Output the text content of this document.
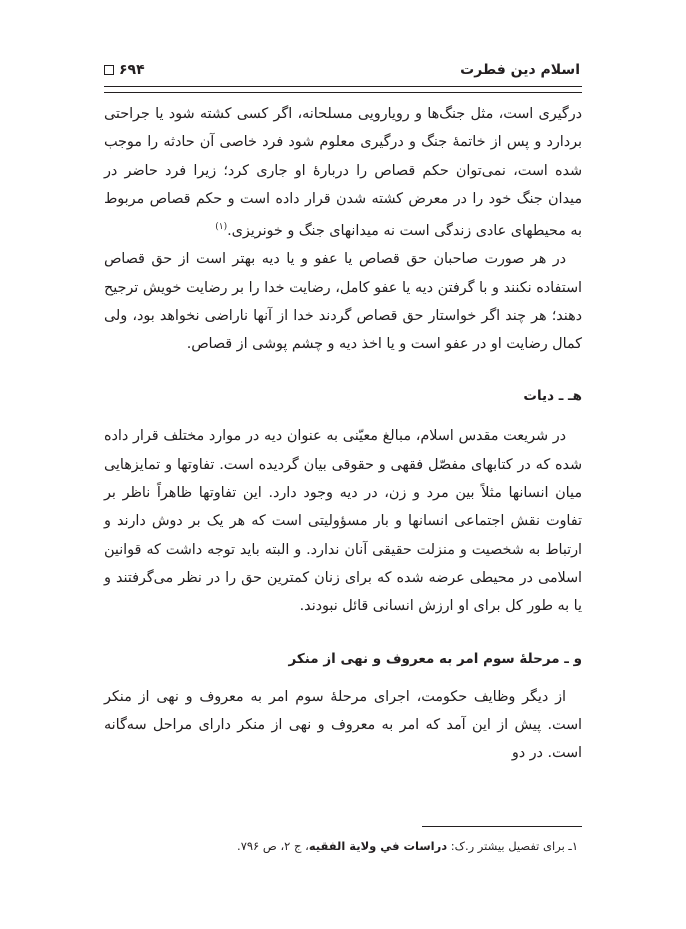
اسلام دین فطرت
۶۹۴

درگیری است، مثل جنگ‌ها و رویارویی مسلحانه، اگر کسی کشته شود یا جراحتی بردارد و پس از خاتمهٔ جنگ و درگیری معلوم شود فرد خاصی آن حادثه را موجب شده است، نمی‌توان حکم قصاص را دربارهٔ او جاری کرد؛ زیرا فرد حاضر در میدان جنگ خود را در معرض کشته شدن قرار داده است و حکم قصاص مربوط به محیطهای عادی زندگی است نه میدانهای جنگ و خونریزی.$^{(۱)}$

در هر صورت صاحبان حق قصاص یا عفو و یا دیه بهتر است از حق قصاص استفاده نکنند و با گرفتن دیه یا عفو کامل، رضایت خدا را بر رضایت خویش ترجیح دهند؛ هر چند اگر خواستار حق قصاص گردند خدا از آنها ناراضی نخواهد بود، ولی کمال رضایت او در عفو است و یا اخذ دیه و چشم پوشی از قصاص.

هـ ـ دیات

در شریعت مقدس اسلام، مبالغ معیّنی به عنوان دیه در موارد مختلف قرار داده شده که در کتابهای مفصّل فقهی و حقوقی بیان گردیده است. تفاوتها و تمایزهایی میان انسانها مثلاً بین مرد و زن، در دیه وجود دارد. این تفاوتها ظاهراً ناظر بر تفاوت نقش اجتماعی انسانها و بار مسؤولیتی است که هر یک بر دوش دارند و ارتباط به شخصیت و منزلت حقیقی آنان ندارد. و البته باید توجه داشت که قوانین اسلامی در محیطی عرضه شده که برای زنان کمترین حق را در نظر می‌گرفتند و یا به طور کل برای او ارزش انسانی قائل نبودند.

و ـ مرحلهٔ سوم امر به معروف و نهی از منکر

از دیگر وظایف حکومت، اجرای مرحلهٔ سوم امر به معروف و نهی از منکر است. پیش از این آمد که امر به معروف و نهی از منکر دارای مراحل سه‌گانه است. در دو

۱ـ برای تفصیل بیشتر ر.ک: دراسات في ولاية الفقيه، ج ۲، ص ۷۹۶.
